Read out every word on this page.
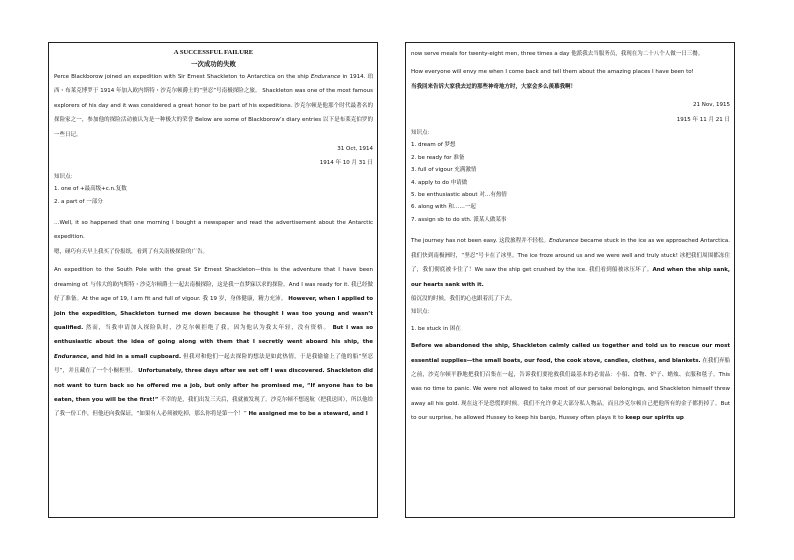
A SUCCESSFUL FAILURE

一次成功的失败

Perce Blackborow joined an expedition with Sir Ernest Shackleton to Antarctica on the ship Endurance in 1914. 珀西・布莱克博罗于 1914 年加入欧内斯特・沙克尔顿爵士的“坚忍”号南极探险之旅。 Shackleton was one of the most famous explorers of his day and it was considered a great honor to be part of his expeditions. 沙克尔顿是他那个时代最著名的探险家之一，参加他的探险活动被认为是一种极大的荣誉 Below are some of Blackborow’s diary entries 以下是布莱克伯罗的一些日记。

31 Oct, 1914

1914 年 10 月 31 日

知识点：

1. one of +最高级+c.n.复数

2. a part of 一部分

…Well, it so happened that one morning I bought a newspaper and read the advertisement about the Antarctic expedition.

嗯，碰巧有天早上我买了份报纸，看到了有关南极探险的广告。

An expedition to the South Pole with the great Sir Ernest Shackleton—this is the adventure that I have been dreaming of. 与伟大的欧内斯特・沙克尔顿爵士一起去南极探险，这是我一直梦寐以求的探险。And I was ready for it. 我已经做好了准备。At the age of 19, I am fit and full of vigour. 我 19 岁，身体健康，精力充沛。 However, when I applied to join the expedition, Shackleton turned me down because he thought I was too young and wasn’t qualified. 然而，当我申请加入探险队时，沙克尔顿拒绝了我，因为他认为我太年轻，没有资格。 But I was so enthusiastic about the idea of going along with them that I secretly went aboard his ship, the Endurance, and hid in a small cupboard. 但我对和他们一起去探险的想法是如此热情，于是我偷偷上了他的船“坚忍号”，并且藏在了一个小橱柜里。 Unfortunately, three days after we set off I was discovered. Shackleton did not want to turn back so he offered me a job, but only after he promised me, “If anyone has to be eaten, then you will be the first!” 不幸的是，我们出发三天后，我就被发现了。沙克尔顿不想返航（把我送回），所以他给了我一份工作，但他还向我保证，“如果有人必须被吃掉，那么你将是第一个！” He assigned me to be a steward, and I

now serve meals for twenty-eight men, three times a day 他派我去当服务员，我现在为二十八个人做一日三餐。

How everyone will envy me when I come back and tell them about the amazing places I have been to!

当我回来告诉大家我去过的那些神奇地方时，大家会多么羡慕我啊！

21 Nov, 1915

1915 年 11 月 21 日

知识点：

1. dream of 梦想

2. be ready for 准备

3. full of vigour 充满激情

4. apply to do 申请做

5. be enthusiastic about 对…有热情

6. along with 和……一起

7. assign sb to do sth. 派某人做某事

The journey has not been easy. 这段旅程并不轻松。Endurance became stuck in the ice as we approached Antarctica. 我们快到南极洲时，“坚忍”号卡在了冰里。The ice froze around us and we were well and truly stuck! 冰把我们周围都冻住了，我们彻底被卡住了！We saw the ship get crushed by the ice. 我们看到船被冰压坏了。And when the ship sank, our hearts sank with it.

船沉没的时候，我们的心也跟着沉了下去。

知识点：

1. be stuck in 困在

Before we abandoned the ship, Shackleton calmly called us together and told us to rescue our most essential supplies—the small boats, our food, the cook stove, candles, clothes, and blankets. 在我们弃船之前，沙克尔顿平静地把我们召集在一起，告诉我们要抢救我们最基本的必需品：小船、食物、炉子、蜡烛、衣服和毯子。This was no time to panic. We were not allowed to take most of our personal belongings, and Shackleton himself threw away all his gold. 现在这不是恐慌的时候。我们不允许拿走大部分私人物品，而且沙克尔顿自己把他所有的金子都扔掉了。But to our surprise, he allowed Hussey to keep his banjo, Hussey often plays it to keep our spirits up
